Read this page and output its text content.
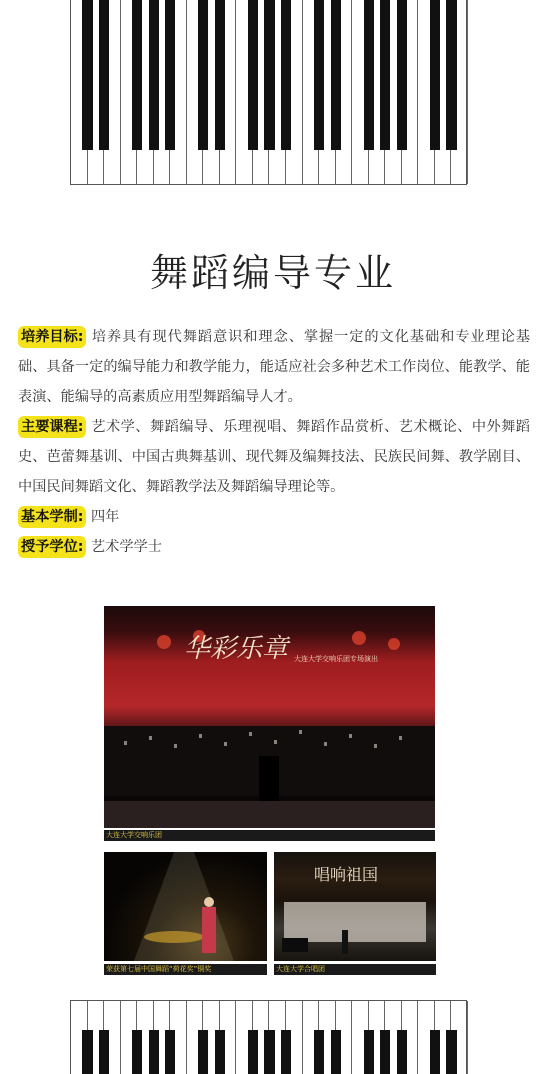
舞蹈编导专业

培养目标: 培养具有现代舞蹈意识和理念、掌握一定的文化基础和专业理论基础、具备一定的编导能力和教学能力，能适应社会多种艺术工作岗位、能教学、能表演、能编导的高素质应用型舞蹈编导人才。

主要课程: 艺术学、舞蹈编导、乐理视唱、舞蹈作品赏析、艺术概论、中外舞蹈史、芭蕾舞基训、中国古典舞基训、现代舞及编舞技法、民族民间舞、教学剧目、中国民间舞蹈文化、舞蹈教学法及舞蹈编导理论等。

基本学制: 四年

授予学位: 艺术学学士

华彩乐章 大连大学交响乐团专场演出
大连大学交响乐团
荣获第七届中国舞蹈“荷花奖”铜奖
唱响祖国
大连大学合唱团
